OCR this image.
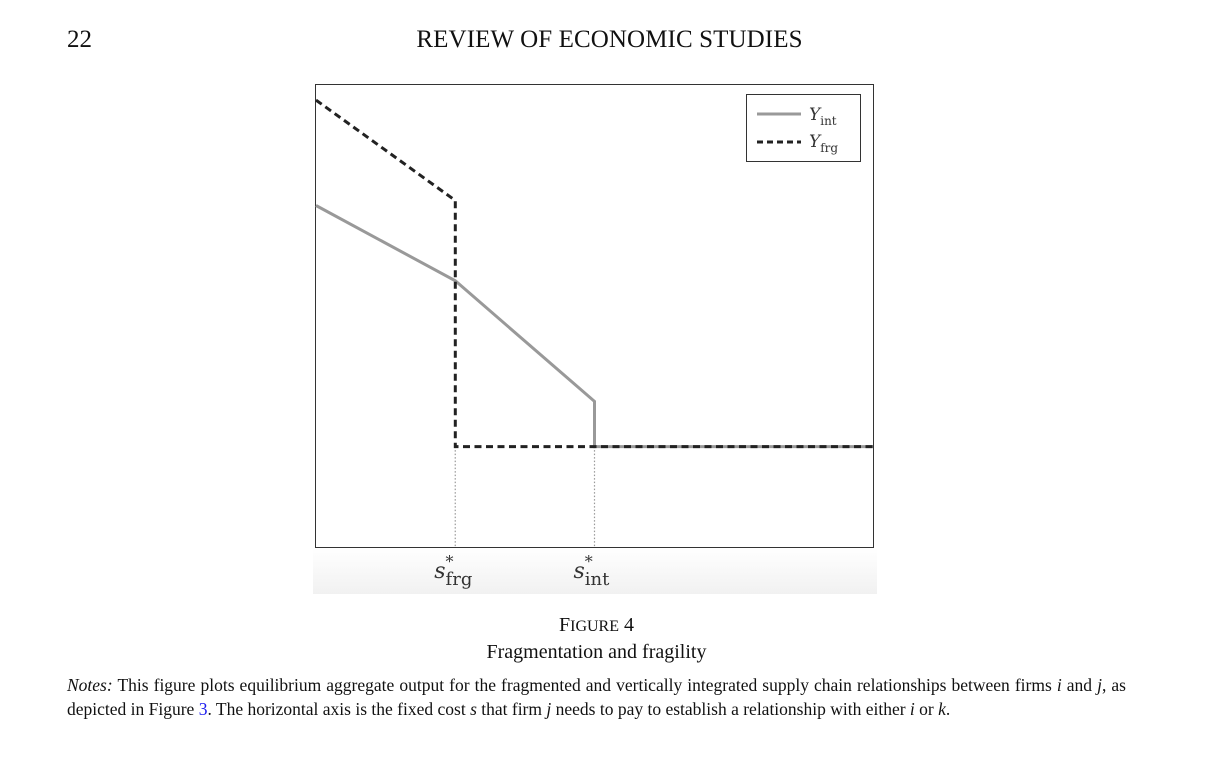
22	REVIEW OF ECONOMIC STUDIES
s* frg	s* int
$Y_{int}$
$Y_{frg}$
FIGURE 4
Fragmentation and fragility
Notes: This figure plots equilibrium aggregate output for the fragmented and vertically integrated supply chain relationships between firms i and j, as depicted in Figure 3. The horizontal axis is the fixed cost s that firm j needs to pay to establish a relationship with either i or k.
